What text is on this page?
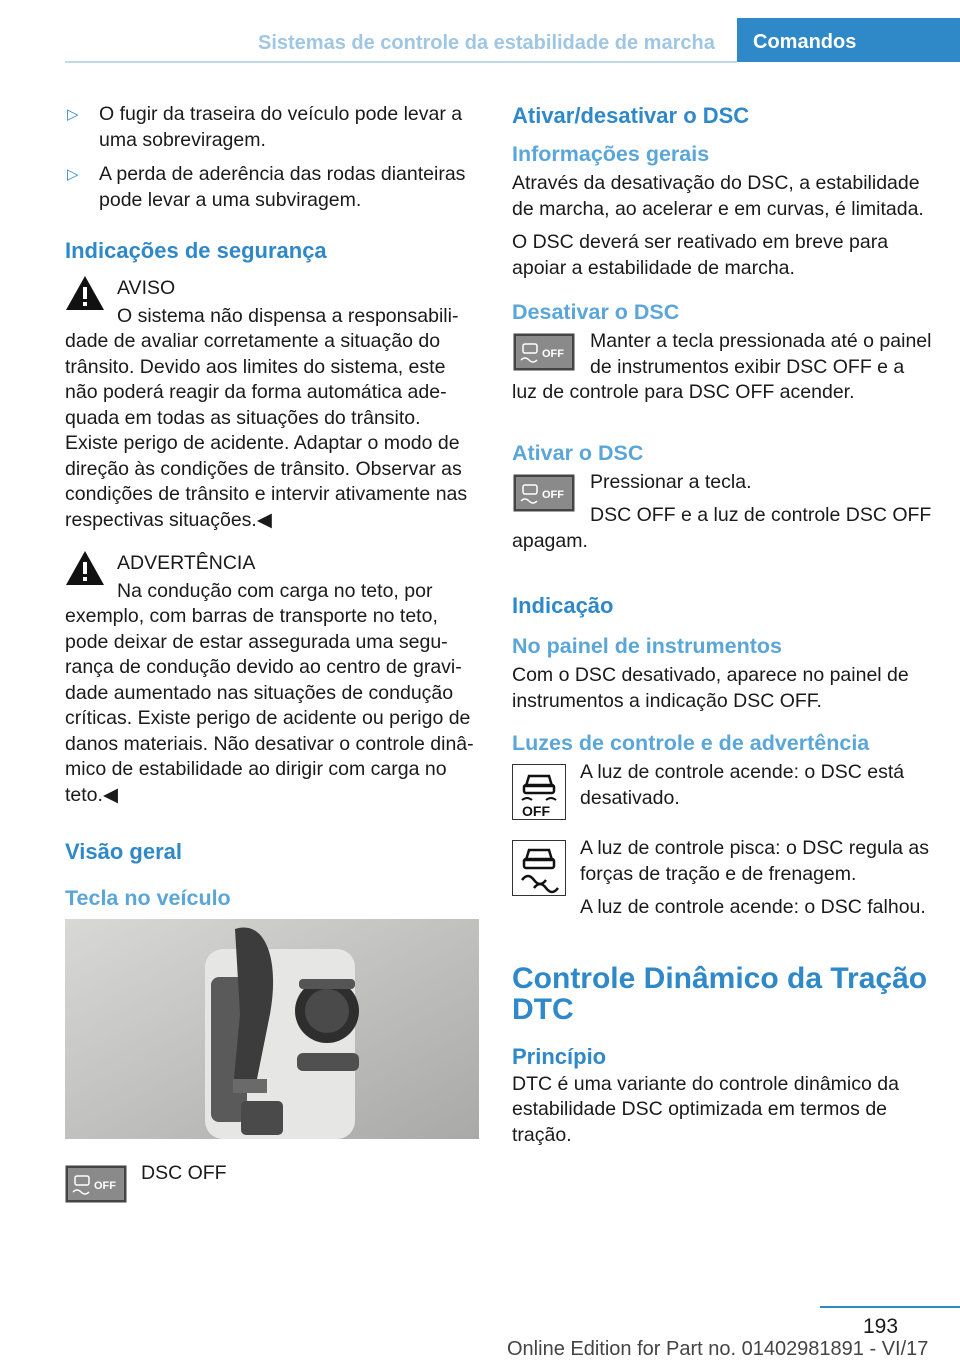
Sistemas de controle da estabilidade de marcha	Comandos
▷ O fugir da traseira do veículo pode levar a uma sobreviragem.
▷ A perda de aderência das rodas dianteiras pode levar a uma subviragem.
Indicações de segurança
AVISO

O sistema não dispensa a responsabilidade de avaliar corretamente a situação do trânsito. Devido aos limites do sistema, este não poderá reagir da forma automática adequada em todas as situações do trânsito. Existe perigo de acidente. Adaptar o modo de direção às condições de trânsito. Observar as condições de trânsito e intervir ativamente nas respectivas situações.◀

ADVERTÊNCIA

Na condução com carga no teto, por exemplo, com barras de transporte no teto, pode deixar de estar assegurada uma segurança de condução devido ao centro de gravidade aumentado nas situações de condução críticas. Existe perigo de acidente ou perigo de danos materiais. Não desativar o controle dinâmico de estabilidade ao dirigir com carga no teto.◀

Visão geral
Tecla no veículo
OFF
DSC OFF
Ativar/desativar o DSC
Informações gerais

Através da desativação do DSC, a estabilidade de marcha, ao acelerar e em curvas, é limitada.

O DSC deverá ser reativado em breve para apoiar a estabilidade de marcha.

Desativar o DSC
OFF

Manter a tecla pressionada até o painel de instrumentos exibir DSC OFF e a luz de controle para DSC OFF acender.

Ativar o DSC
OFF

Pressionar a tecla.

DSC OFF e a luz de controle DSC OFF apagam.

Indicação
No painel de instrumentos

Com o DSC desativado, aparece no painel de instrumentos a indicação DSC OFF.

Luzes de controle e de advertência
OFF

A luz de controle acende: o DSC está desativado.

A luz de controle pisca: o DSC regula as forças de tração e de frenagem.

A luz de controle acende: o DSC falhou.

Controle Dinâmico da Tração DTC
Princípio

DTC é uma variante do controle dinâmico da estabilidade DSC optimizada em termos de tração.

193
Online Edition for Part no. 01402981891 - VI/17
